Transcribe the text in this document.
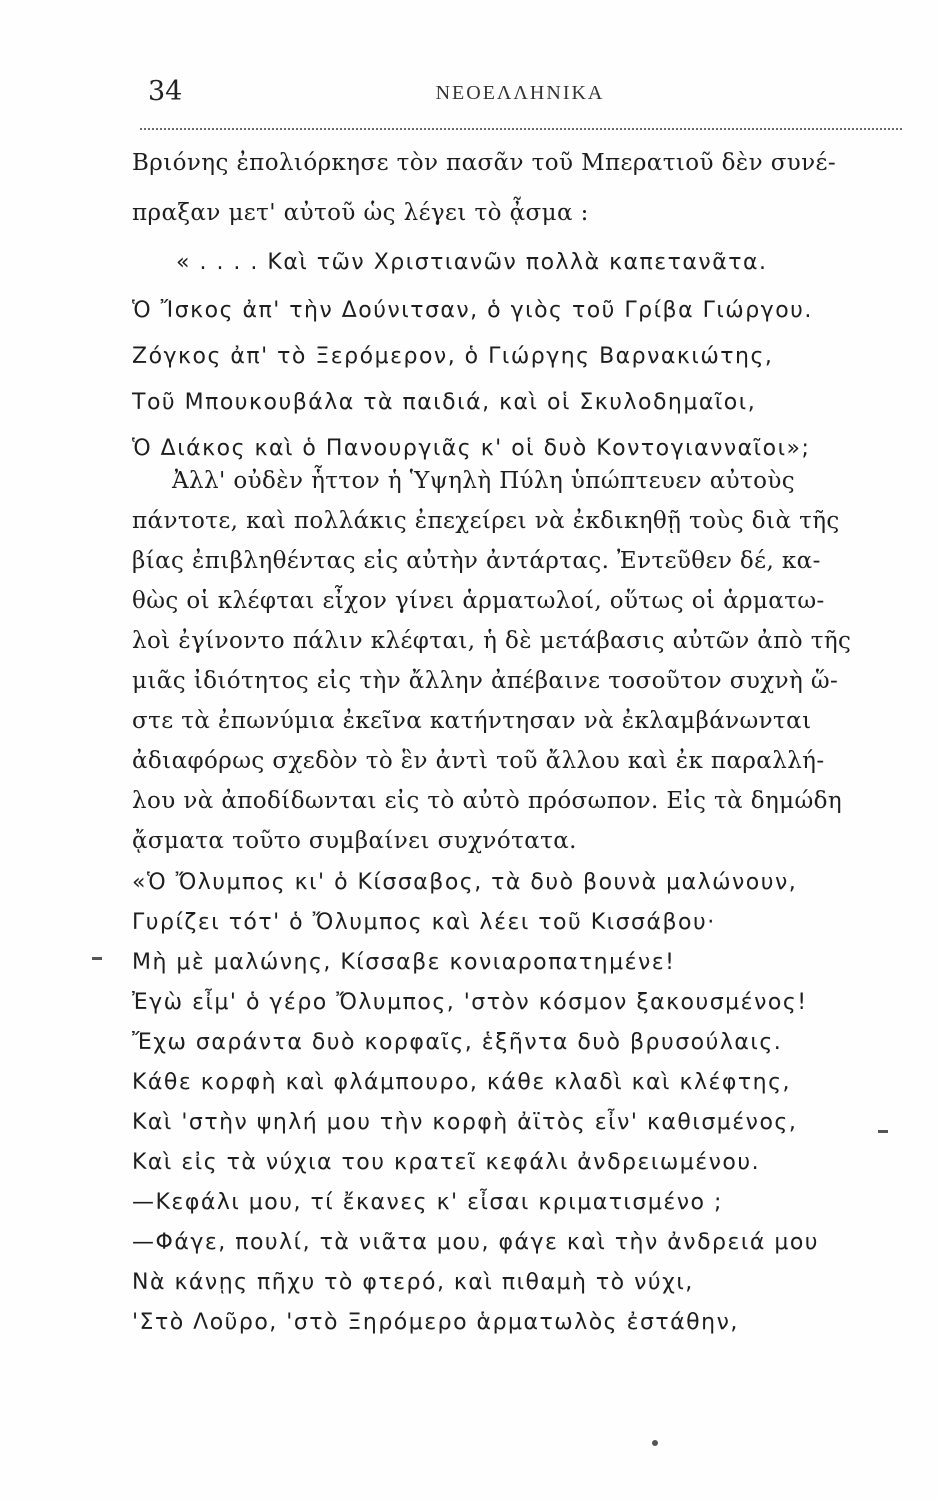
34	ΝΕΟΕΛΛΗΝΙΚΑ
Βριόνης ἐπολιόρκησε τὸν πασᾶν τοῦ Μπερατιοῦ δὲν συνέ-
πραξαν μετ' αὐτοῦ ὡς λέγει τὸ ᾆσμα :
« . . . . Καὶ τῶν Χριστιανῶν πολλὰ καπετανᾶτα.
Ὁ Ἴσκος ἀπ' τὴν Δούνιτσαν, ὁ γιὸς τοῦ Γρίβα Γιώργου.
Ζόγκος ἀπ' τὸ Ξερόμερον, ὁ Γιώργης Βαρνακιώτης,
Τοῦ Μπουκουβάλα τὰ παιδιά, καὶ οἱ Σκυλοδημαῖοι,
Ὁ Διάκος καὶ ὁ Πανουργιᾶς κ' οἱ δυὸ Κοντογιανναῖοι»;
Ἀλλ' οὐδὲν ἧττον ἡ Ὑψηλὴ Πύλη ὑπώπτευεν αὐτοὺς
πάντοτε, καὶ πολλάκις ἐπεχείρει νὰ ἐκδικηθῇ τοὺς διὰ τῆς
βίας ἐπιβληθέντας εἰς αὐτὴν ἀντάρτας. Ἐντεῦθεν δέ, κα-
θὼς οἱ κλέφται εἶχον γίνει ἁρματωλοί, οὕτως οἱ ἁρματω-
λοὶ ἐγίνοντο πάλιν κλέφται, ἡ δὲ μετάβασις αὐτῶν ἀπὸ τῆς
μιᾶς ἰδιότητος εἰς τὴν ἄλλην ἀπέβαινε τοσοῦτον συχνὴ ὥ-
στε τὰ ἐπωνύμια ἐκεῖνα κατήντησαν νὰ ἐκλαμβάνωνται
ἀδιαφόρως σχεδὸν τὸ ἓν ἀντὶ τοῦ ἄλλου καὶ ἐκ παραλλή-
λου νὰ ἀποδίδωνται εἰς τὸ αὐτὸ πρόσωπον. Εἰς τὰ δημώδη
ᾄσματα τοῦτο συμβαίνει συχνότατα.
«Ὁ Ὄλυμπος κι' ὁ Κίσσαβος, τὰ δυὸ βουνὰ μαλώνουν,
Γυρίζει τότ' ὁ Ὄλυμπος καὶ λέει τοῦ Κισσάβου·
Μὴ μὲ μαλώνης, Κίσσαβε κονιαροπατημένε!
Ἐγὼ εἶμ' ὁ γέρο Ὄλυμπος, 'στὸν κόσμον ξακουσμένος!
Ἔχω σαράντα δυὸ κορφαῖς, ἑξῆντα δυὸ βρυσούλαις.
Κάθε κορφὴ καὶ φλάμπουρο, κάθε κλαδὶ καὶ κλέφτης,
Καὶ 'στὴν ψηλή μου τὴν κορφὴ ἀϊτὸς εἶν' καθισμένος,
Καὶ εἰς τὰ νύχια του κρατεῖ κεφάλι ἀνδρειωμένου.
—Κεφάλι μου, τί ἔκανες κ' εἶσαι κριματισμένο ;
—Φάγε, πουλί, τὰ νιᾶτα μου, φάγε καὶ τὴν ἀνδρειά μου
Νὰ κάνῃς πῆχυ τὸ φτερό, καὶ πιθαμὴ τὸ νύχι,
'Στὸ Λοῦρο, 'στὸ Ξηρόμερο ἁρματωλὸς ἐστάθην,
